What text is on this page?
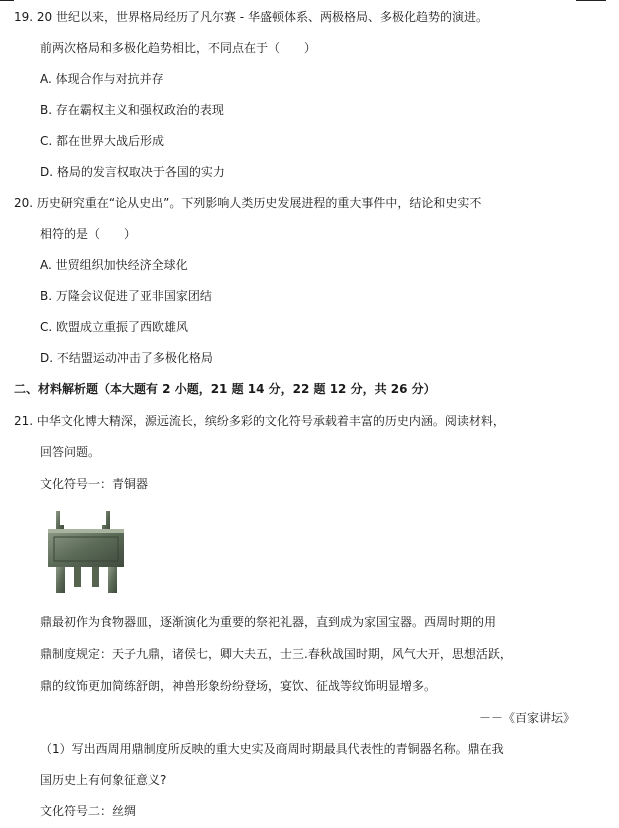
19. 20 世纪以来，世界格局经历了凡尔赛 - 华盛顿体系、两极格局、多极化趋势的演进。
前两次格局和多极化趋势相比，不同点在于（　　）
A. 体现合作与对抗并存
B. 存在霸权主义和强权政治的表现
C. 都在世界大战后形成
D. 格局的发言权取决于各国的实力
20. 历史研究重在“论从史出”。下列影响人类历史发展进程的重大事件中，结论和史实不
相符的是（　　）
A. 世贸组织加快经济全球化
B. 万隆会议促进了亚非国家团结
C. 欧盟成立重振了西欧雄风
D. 不结盟运动冲击了多极化格局
二、材料解析题（本大题有 2 小题，21 题 14 分，22 题 12 分，共 26 分）
21. 中华文化博大精深，源远流长，缤纷多彩的文化符号承载着丰富的历史内涵。阅读材料，
回答问题。
文化符号一：青铜器
鼎最初作为食物器皿，逐渐演化为重要的祭祀礼器，直到成为家国宝器。西周时期的用
鼎制度规定：天子九鼎，诸侯七，卿大夫五，士三.春秋战国时期，风气大开，思想活跃，
鼎的纹饰更加简练舒朗，神兽形象纷纷登场，宴饮、征战等纹饰明显增多。
－－《百家讲坛》
（1）写出西周用鼎制度所反映的重大史实及商周时期最具代表性的青铜器名称。鼎在我
国历史上有何象征意义?
文化符号二：丝绸
